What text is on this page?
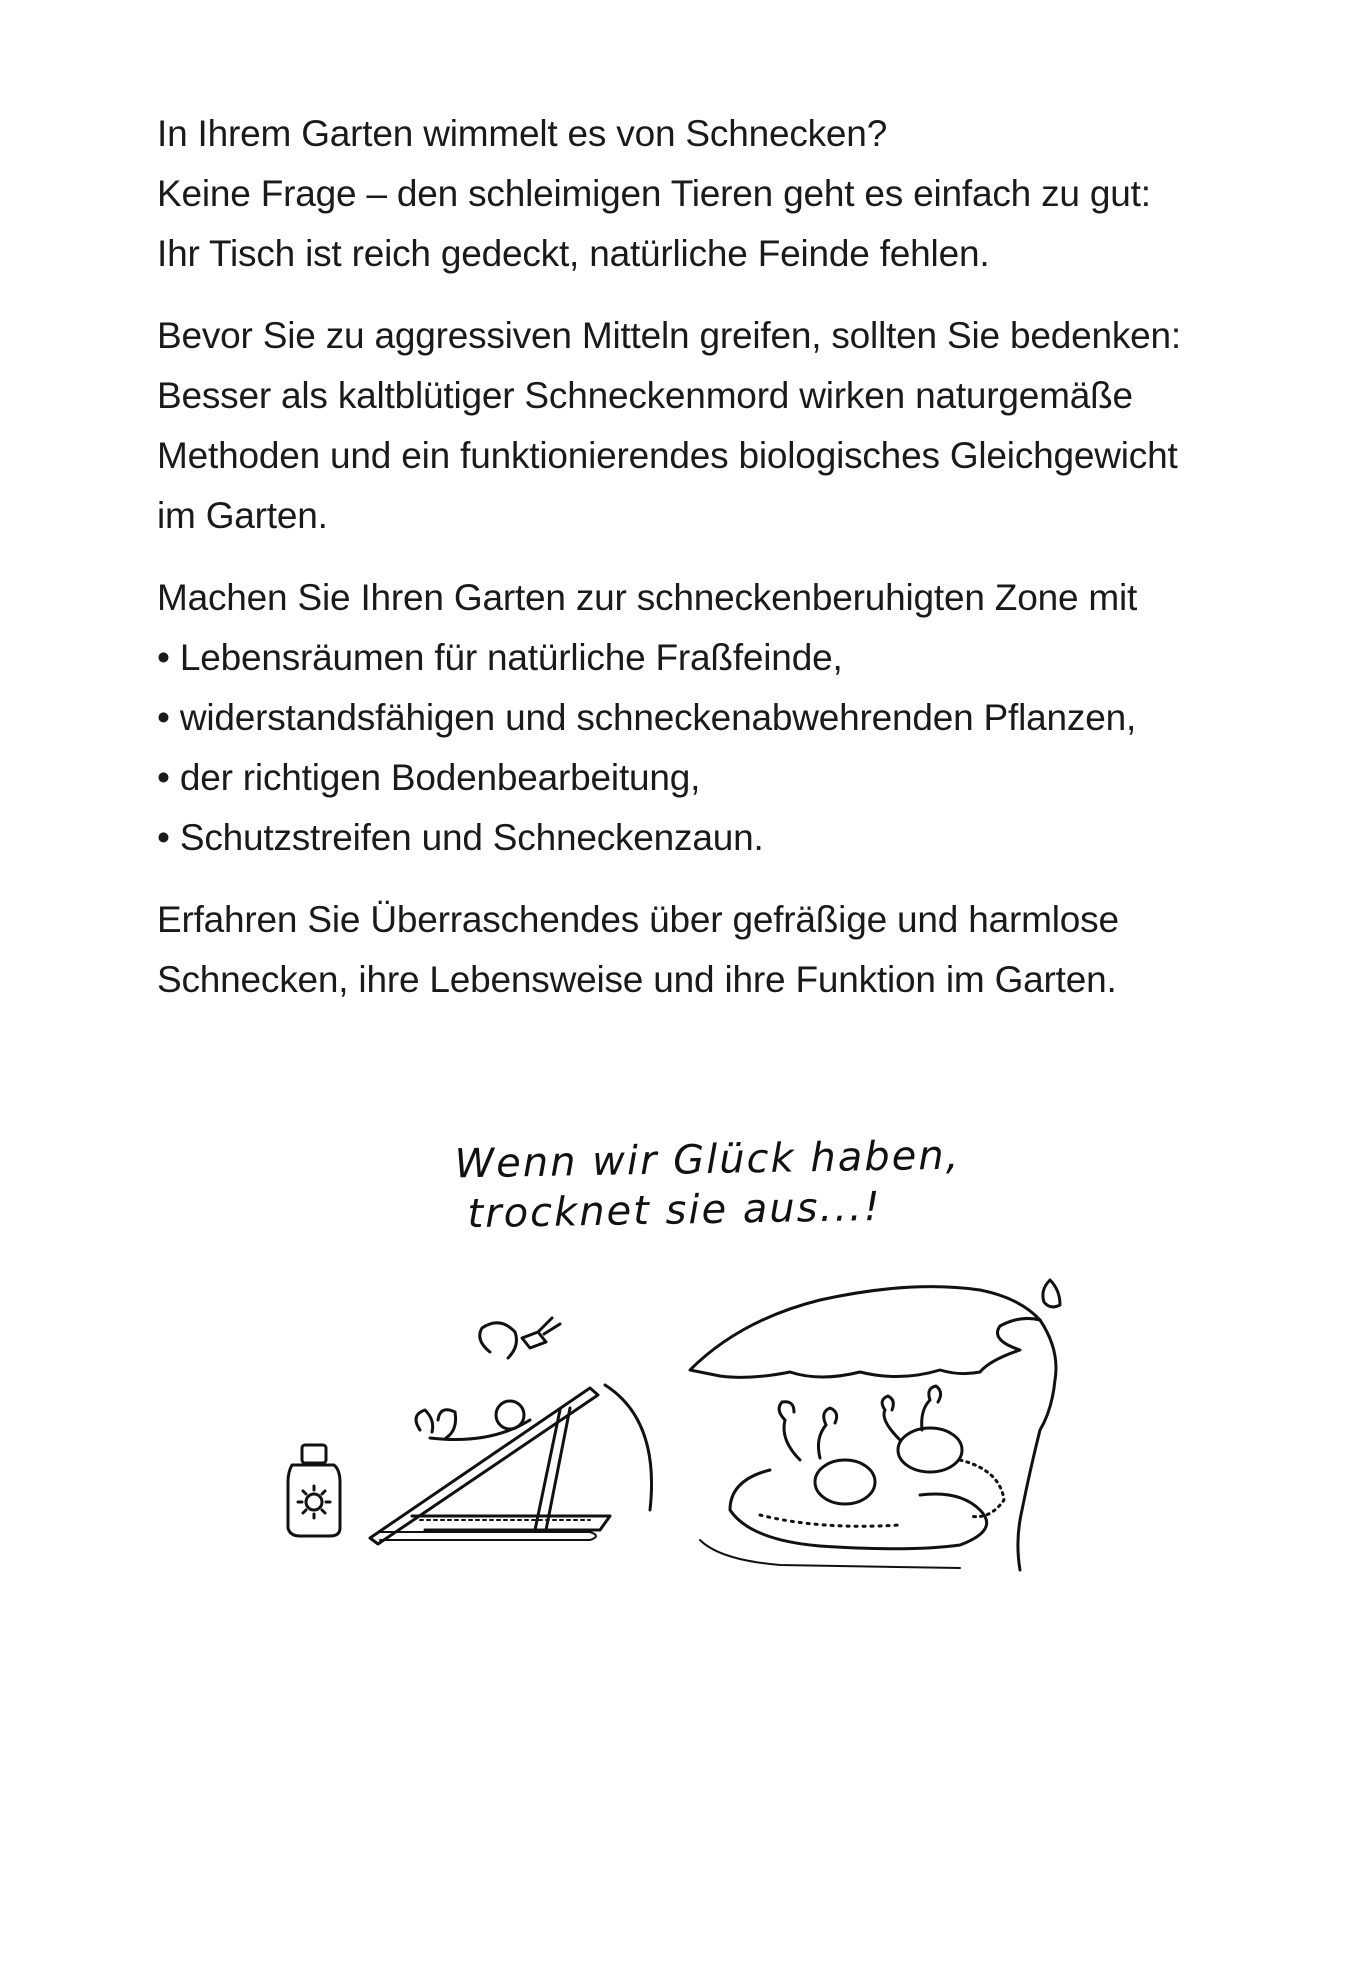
In Ihrem Garten wimmelt es von Schnecken?
Keine Frage – den schleimigen Tieren geht es einfach zu gut:
Ihr Tisch ist reich gedeckt, natürliche Feinde fehlen.

Bevor Sie zu aggressiven Mitteln greifen, sollten Sie bedenken:
Besser als kaltblütiger Schneckenmord wirken naturgemäße
Methoden und ein funktionierendes biologisches Gleichgewicht
im Garten.

Machen Sie Ihren Garten zur schneckenberuhigten Zone mit
• Lebensräumen für natürliche Fraßfeinde,
• widerstandsfähigen und schneckenabwehrenden Pflanzen,
• der richtigen Bodenbearbeitung,
• Schutzstreifen und Schneckenzaun.

Erfahren Sie Überraschendes über gefräßige und harmlose
Schnecken, ihre Lebensweise und ihre Funktion im Garten.

Wenn wir Glück haben,
trocknet sie aus...!
